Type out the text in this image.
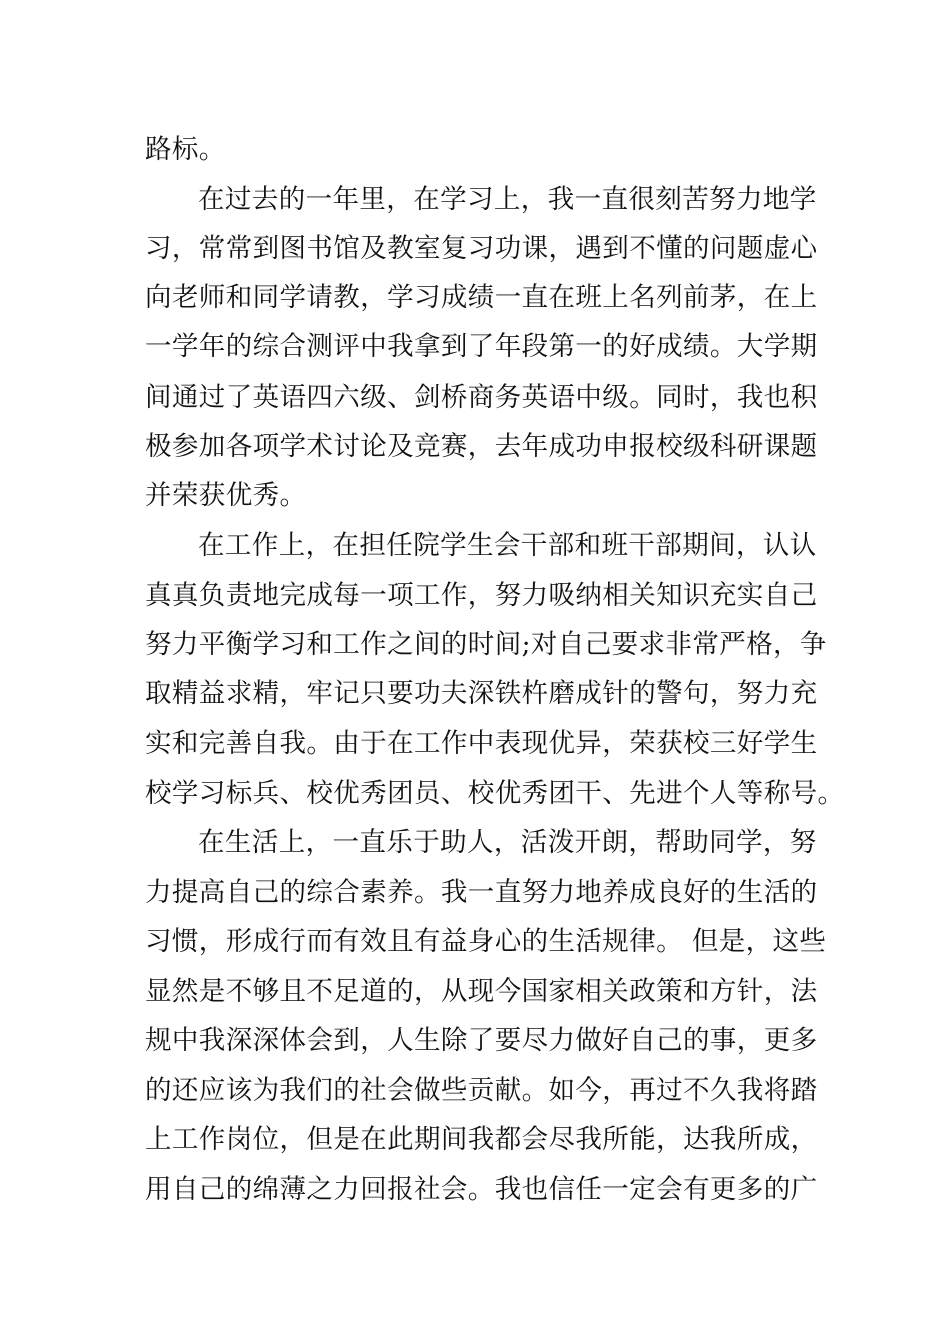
路标。
在过去的一年里，在学习上，我一直很刻苦努力地学
习，常常到图书馆及教室复习功课，遇到不懂的问题虚心
向老师和同学请教，学习成绩一直在班上名列前茅，在上
一学年的综合测评中我拿到了年段第一的好成绩。大学期
间通过了英语四六级、剑桥商务英语中级。同时，我也积
极参加各项学术讨论及竞赛，去年成功申报校级科研课题
并荣获优秀。
在工作上，在担任院学生会干部和班干部期间，认认
真真负责地完成每一项工作，努力吸纳相关知识充实自己
努力平衡学习和工作之间的时间;对自己要求非常严格，争
取精益求精，牢记只要功夫深铁杵磨成针的警句，努力充
实和完善自我。由于在工作中表现优异，荣获校三好学生
校学习标兵、校优秀团员、校优秀团干、先进个人等称号。
在生活上，一直乐于助人，活泼开朗，帮助同学，努
力提高自己的综合素养。我一直努力地养成良好的生活的
习惯，形成行而有效且有益身心的生活规律。 但是，这些
显然是不够且不足道的，从现今国家相关政策和方针，法
规中我深深体会到，人生除了要尽力做好自己的事，更多
的还应该为我们的社会做些贡献。如今，再过不久我将踏
上工作岗位，但是在此期间我都会尽我所能，达我所成，
用自己的绵薄之力回报社会。我也信任一定会有更多的广
